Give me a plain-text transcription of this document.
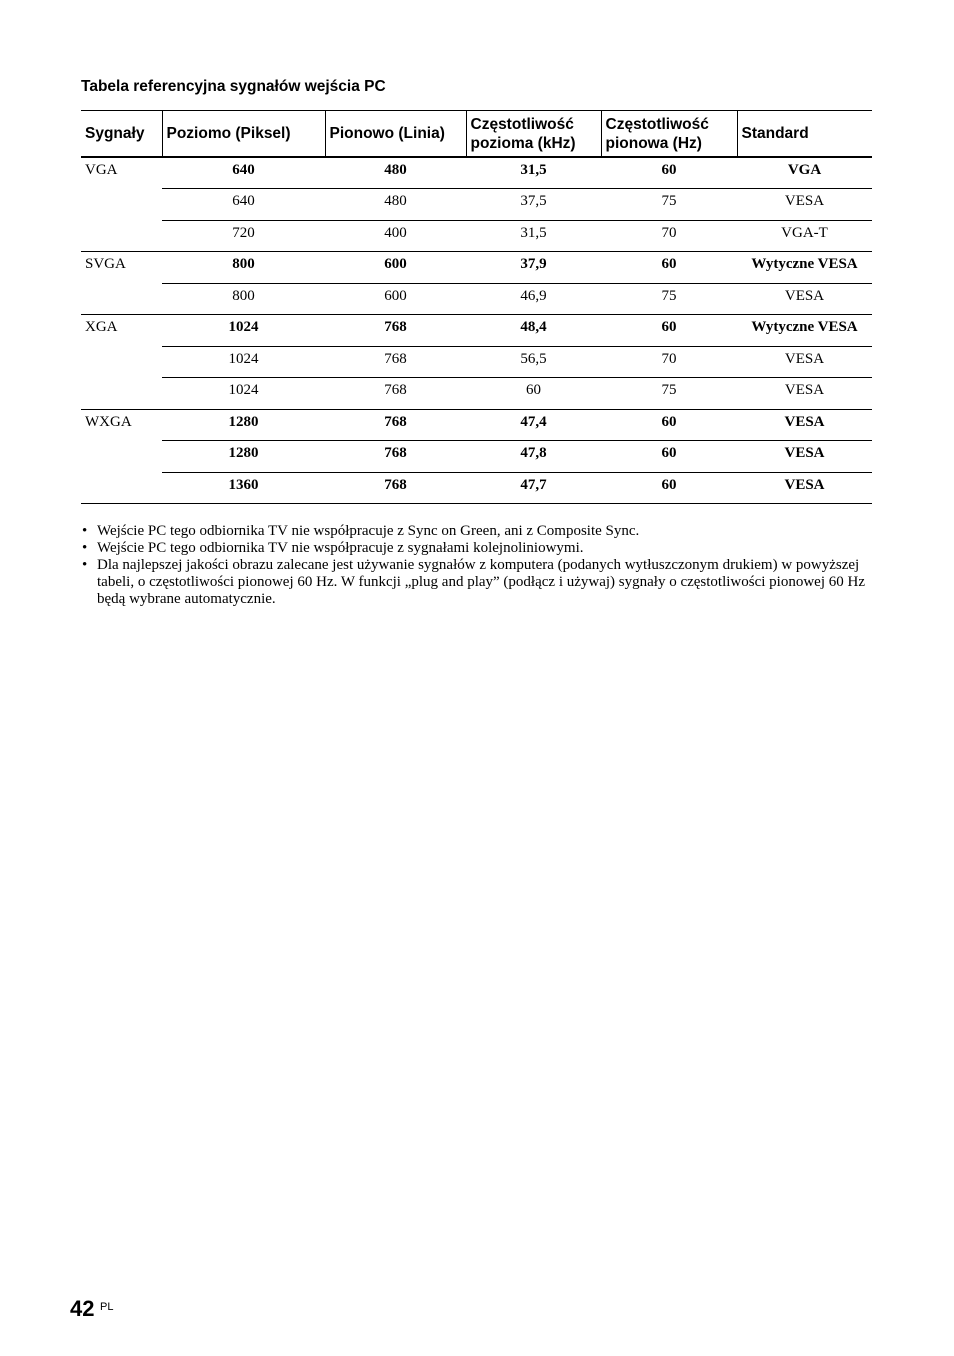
Tabela referencyjna sygnałów wejścia PC
Sygnały	Poziomo (Piksel)	Pionowo (Linia)	Częstotliwość pozioma (kHz)	Częstotliwość pionowa (Hz)	Standard
VGA	640	480	31,5	60	VGA
	640	480	37,5	75	VESA
	720	400	31,5	70	VGA-T
SVGA	800	600	37,9	60	Wytyczne VESA
	800	600	46,9	75	VESA
XGA	1024	768	48,4	60	Wytyczne VESA
	1024	768	56,5	70	VESA
	1024	768	60	75	VESA
WXGA	1280	768	47,4	60	VESA
	1280	768	47,8	60	VESA
	1360	768	47,7	60	VESA
• Wejście PC tego odbiornika TV nie współpracuje z Sync on Green, ani z Composite Sync.
• Wejście PC tego odbiornika TV nie współpracuje z sygnałami kolejnoliniowymi.
• Dla najlepszej jakości obrazu zalecane jest używanie sygnałów z komputera (podanych wytłuszczonym drukiem) w powyższej tabeli, o częstotliwości pionowej 60 Hz. W funkcji „plug and play” (podłącz i używaj) sygnały o częstotliwości pionowej 60 Hz będą wybrane automatycznie.
42 PL
